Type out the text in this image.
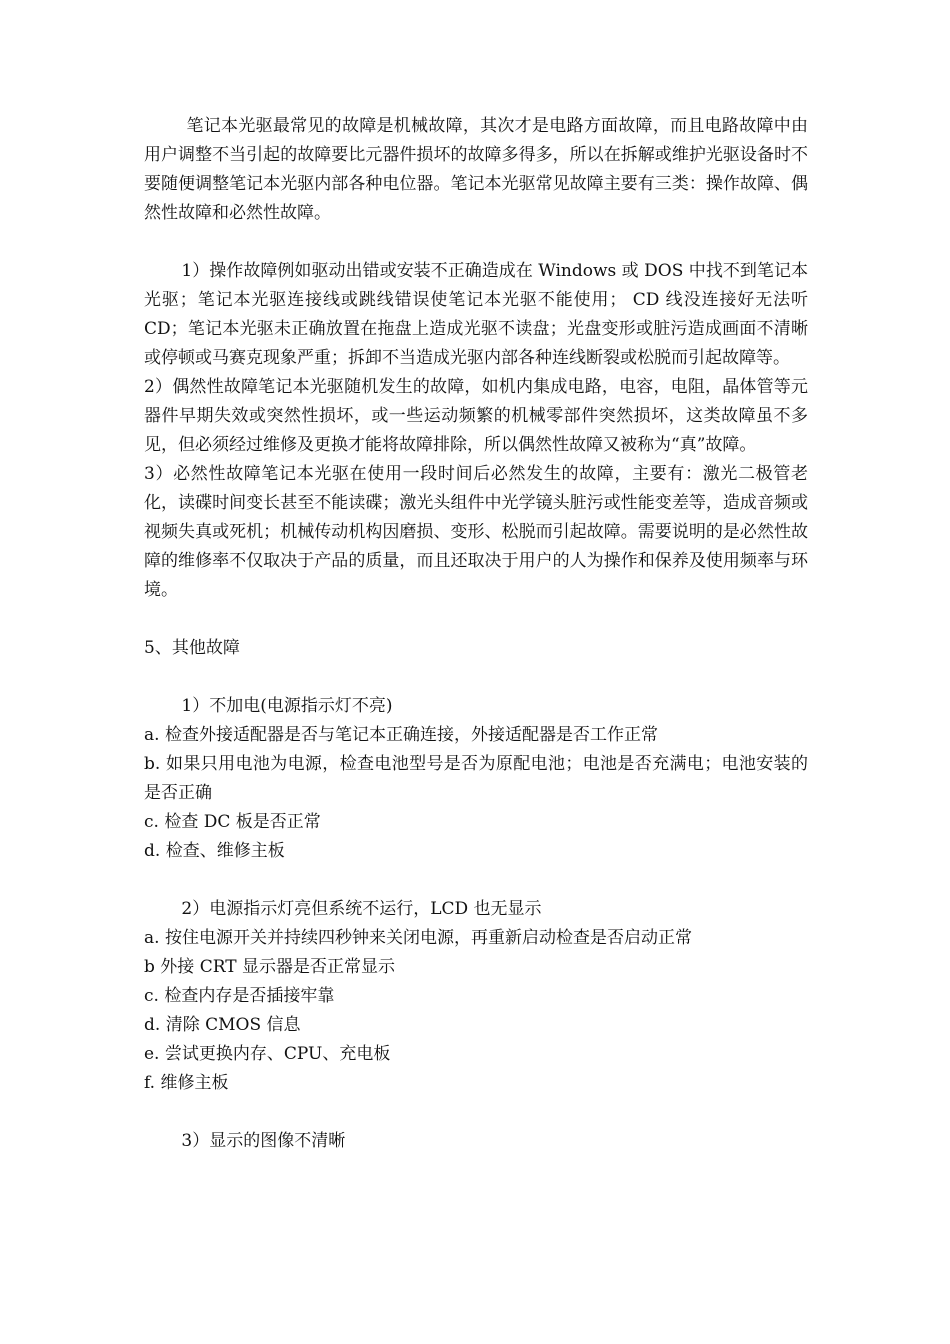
笔记本光驱最常见的故障是机械故障，其次才是电路方面故障，而且电路故障中由用户调整不当引起的故障要比元器件损坏的故障多得多，所以在拆解或维护光驱设备时不要随便调整笔记本光驱内部各种电位器。笔记本光驱常见故障主要有三类：操作故障、偶然性故障和必然性故障。

1）操作故障例如驱动出错或安装不正确造成在 Windows 或 DOS 中找不到笔记本光驱；笔记本光驱连接线或跳线错误使笔记本光驱不能使用； CD 线没连接好无法听 CD；笔记本光驱未正确放置在拖盘上造成光驱不读盘；光盘变形或脏污造成画面不清晰或停顿或马赛克现象严重；拆卸不当造成光驱内部各种连线断裂或松脱而引起故障等。

2）偶然性故障笔记本光驱随机发生的故障，如机内集成电路，电容，电阻，晶体管等元器件早期失效或突然性损坏，或一些运动频繁的机械零部件突然损坏，这类故障虽不多见，但必须经过维修及更换才能将故障排除，所以偶然性故障又被称为“真”故障。

3）必然性故障笔记本光驱在使用一段时间后必然发生的故障，主要有：激光二极管老化，读碟时间变长甚至不能读碟；激光头组件中光学镜头脏污或性能变差等，造成音频或视频失真或死机；机械传动机构因磨损、变形、松脱而引起故障。需要说明的是必然性故障的维修率不仅取决于产品的质量，而且还取决于用户的人为操作和保养及使用频率与环境。

5、其他故障

1）不加电(电源指示灯不亮)

a. 检查外接适配器是否与笔记本正确连接，外接适配器是否工作正常

b. 如果只用电池为电源，检查电池型号是否为原配电池；电池是否充满电；电池安装的是否正确

c. 检查 DC 板是否正常

d. 检查、维修主板

2）电源指示灯亮但系统不运行，LCD 也无显示

a. 按住电源开关并持续四秒钟来关闭电源，再重新启动检查是否启动正常

b 外接 CRT 显示器是否正常显示

c. 检查内存是否插接牢靠

d. 清除 CMOS 信息

e. 尝试更换内存、CPU、充电板

f. 维修主板

3）显示的图像不清晰
